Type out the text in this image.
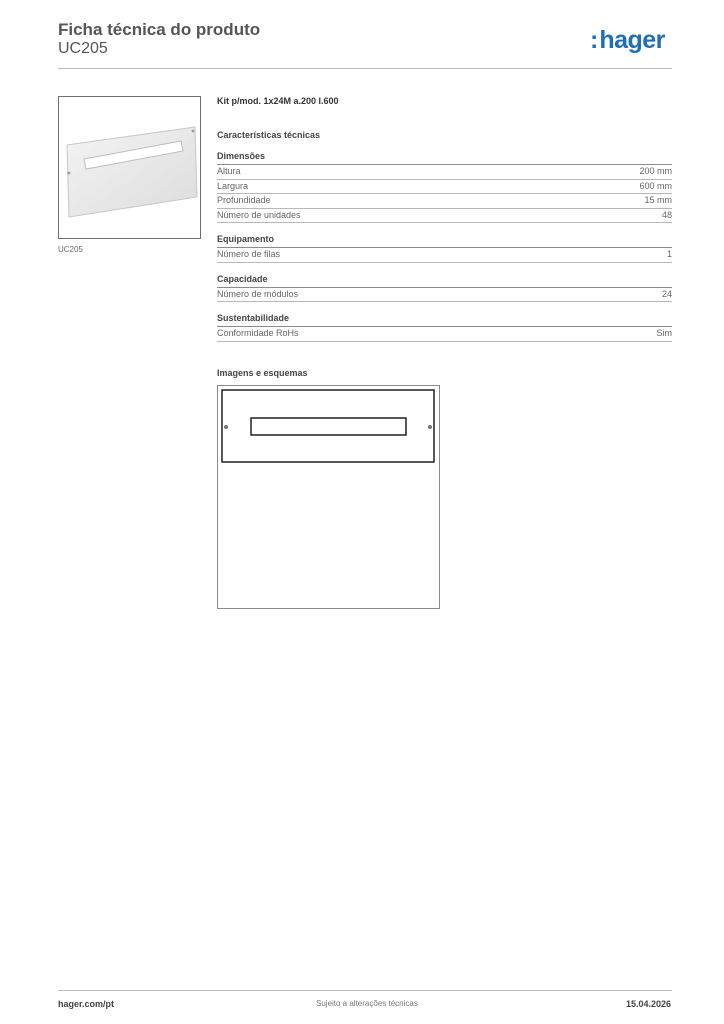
Ficha técnica do produto
UC205	:hager
UC205
Kit p/mod. 1x24M a.200 l.600
Características técnicas
Dimensões
Altura	200 mm
Largura	600 mm
Profundidade	15 mm
Número de unidades	48
Equipamento
Número de filas	1
Capacidade
Número de módulos	24
Sustentabilidade
Conformidade RoHs	Sim
Imagens e esquemas
hager.com/pt	Sujeito a alterações técnicas	15.04.2026
